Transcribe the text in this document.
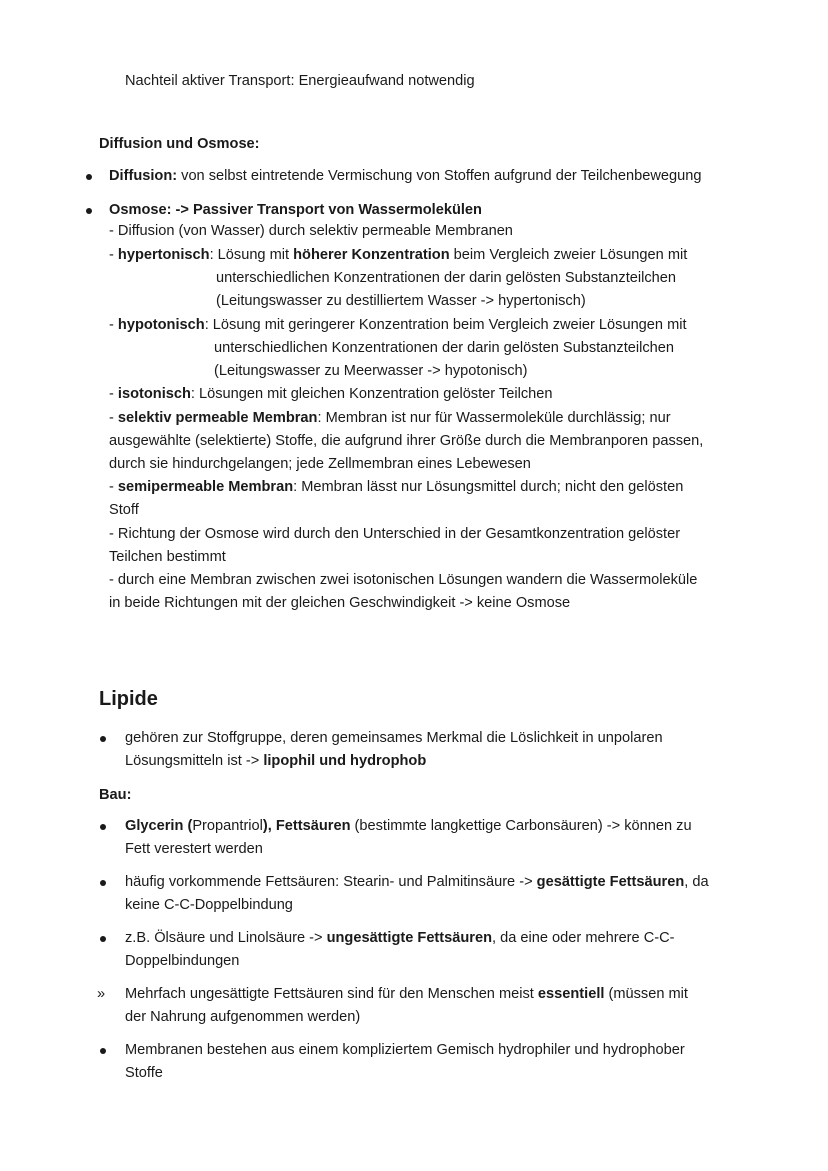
Nachteil aktiver Transport: Energieaufwand notwendig
Diffusion und Osmose:
Diffusion: von selbst eintretende Vermischung von Stoffen aufgrund der Teilchenbewegung
Osmose: -> Passiver Transport von Wassermolekülen
- Diffusion (von Wasser) durch selektiv permeable Membranen
- hypertonisch: Lösung mit höherer Konzentration beim Vergleich zweier Lösungen mit
unterschiedlichen Konzentrationen der darin gelösten Substanzteilchen
(Leitungswasser zu destilliertem Wasser -> hypertonisch)
- hypotonisch: Lösung mit geringerer Konzentration beim Vergleich zweier Lösungen mit
unterschiedlichen Konzentrationen der darin gelösten Substanzteilchen
(Leitungswasser zu Meerwasser -> hypotonisch)
- isotonisch: Lösungen mit gleichen Konzentration gelöster Teilchen
- selektiv permeable Membran: Membran ist nur für Wassermoleküle durchlässig; nur
ausgewählte (selektierte) Stoffe, die aufgrund ihrer Größe durch die Membranporen passen,
durch sie hindurchgelangen; jede Zellmembran eines Lebewesen
- semipermeable Membran: Membran lässt nur Lösungsmittel durch; nicht den gelösten
Stoff
- Richtung der Osmose wird durch den Unterschied in der Gesamtkonzentration gelöster
Teilchen bestimmt
- durch eine Membran zwischen zwei isotonischen Lösungen wandern die Wassermoleküle
in beide Richtungen mit der gleichen Geschwindigkeit -> keine Osmose
Lipide
gehören zur Stoffgruppe, deren gemeinsames Merkmal die Löslichkeit in unpolaren
Lösungsmitteln ist -> lipophil und hydrophob
Bau:
Glycerin (Propantriol), Fettsäuren (bestimmte langkettige Carbonsäuren) -> können zu
Fett verestert werden
häufig vorkommende Fettsäuren: Stearin- und Palmitinsäure -> gesättigte Fettsäuren, da
keine C-C-Doppelbindung
z.B. Ölsäure und Linolsäure -> ungesättigte Fettsäuren, da eine oder mehrere C-C-
Doppelbindungen
» Mehrfach ungesättigte Fettsäuren sind für den Menschen meist essentiell (müssen mit
der Nahrung aufgenommen werden)
Membranen bestehen aus einem kompliziertem Gemisch hydrophiler und hydrophober
Stoffe
